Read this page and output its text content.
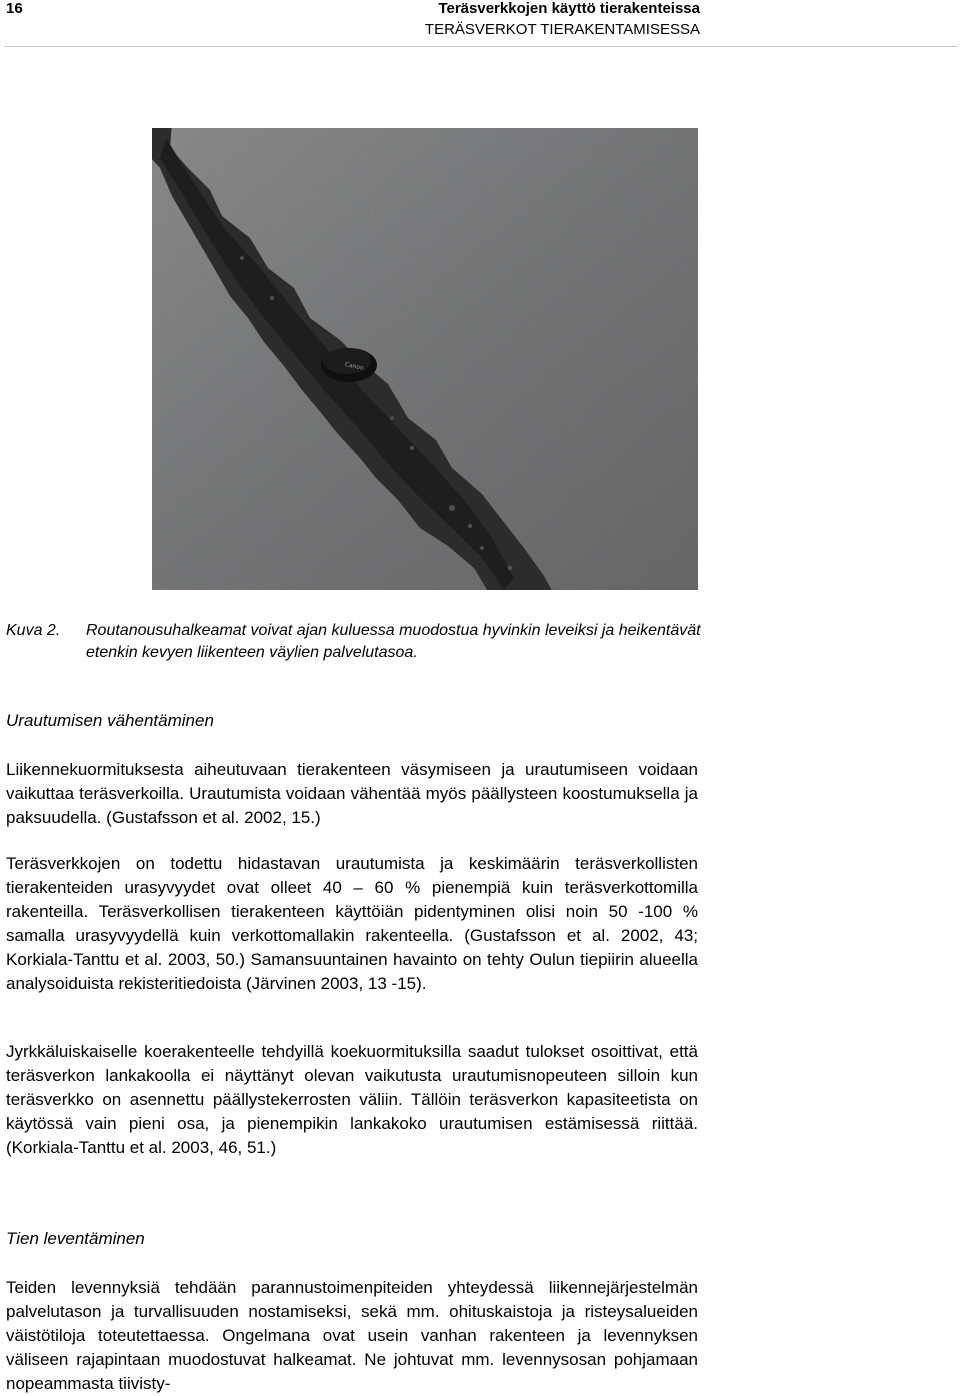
16	Teräsverkkojen käyttö tierakenteissa
TERÄSVERKOT TIERAKENTAMISESSA
Canon
Kuva 2. Routanousuhalkeamat voivat ajan kuluessa muodostua hyvinkin leveiksi ja heikentävät etenkin kevyen liikenteen väylien palvelutasoa.
Urautumisen vähentäminen
Liikennekuormituksesta aiheutuvaan tierakenteen väsymiseen ja urautumiseen voidaan vaikuttaa teräsverkoilla. Urautumista voidaan vähentää myös päällysteen koostumuksella ja paksuudella. (Gustafsson et al. 2002, 15.)
Teräsverkkojen on todettu hidastavan urautumista ja keskimäärin teräsverkollisten tierakenteiden urasyvyydet ovat olleet 40 – 60 % pienempiä kuin teräsverkottomilla rakenteilla. Teräsverkollisen tierakenteen käyttöiän pidentyminen olisi noin 50 -100 % samalla urasyvyydellä kuin verkottomallakin rakenteella. (Gustafsson et al. 2002, 43; Korkiala-Tanttu et al. 2003, 50.) Samansuuntainen havainto on tehty Oulun tiepiirin alueella analysoiduista rekisteritiedoista (Järvinen 2003, 13 -15).
Jyrkkäluiskaiselle koerakenteelle tehdyillä koekuormituksilla saadut tulokset osoittivat, että teräsverkon lankakoolla ei näyttänyt olevan vaikutusta urautumisnopeuteen silloin kun teräsverkko on asennettu päällystekerrosten väliin. Tällöin teräsverkon kapasiteetista on käytössä vain pieni osa, ja pienempikin lankakoko urautumisen estämisessä riittää. (Korkiala-Tanttu et al. 2003, 46, 51.)
Tien leventäminen
Teiden levennyksiä tehdään parannustoimenpiteiden yhteydessä liikennejärjestelmän palvelutason ja turvallisuuden nostamiseksi, sekä mm. ohituskaistoja ja risteysalueiden väistötiloja toteutettaessa. Ongelmana ovat usein vanhan rakenteen ja levennyksen väliseen rajapintaan muodostuvat halkeamat. Ne johtuvat mm. levennysosan pohjamaan nopeammasta tiivisty-
